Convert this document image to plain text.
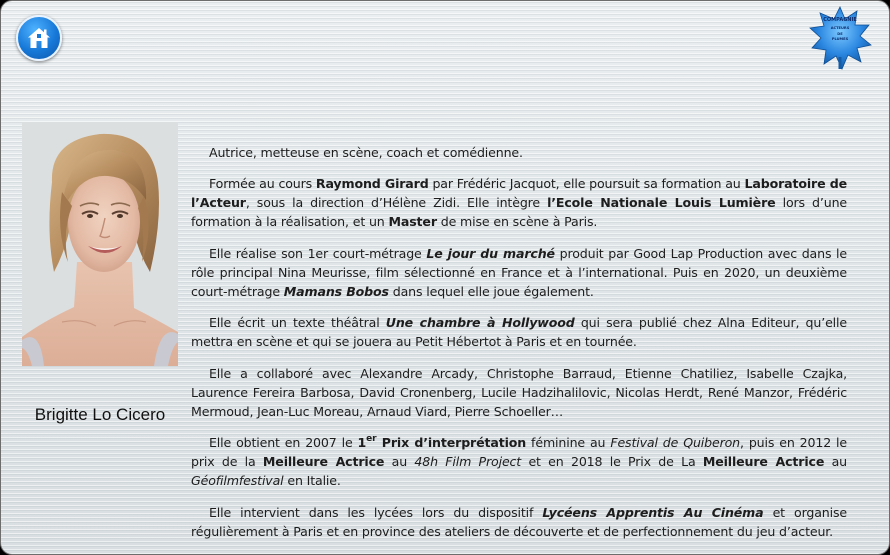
COMPAGNIE
ACTEURS
DE
PLUMES
Brigitte Lo Cicero

Autrice, metteuse en scène, coach et comédienne.

Formée au cours Raymond Girard par Frédéric Jacquot, elle poursuit sa formation au Laboratoire de l’Acteur, sous la direction d’Hélène Zidi. Elle intègre l’Ecole Nationale Louis Lumière lors d’une formation à la réalisation, et un Master de mise en scène à Paris.

Elle réalise son 1er court-métrage Le jour du marché produit par Good Lap Production avec dans le rôle principal Nina Meurisse, film sélectionné en France et à l’international. Puis en 2020, un deuxième court-métrage Mamans Bobos dans lequel elle joue également.

Elle écrit un texte théâtral Une chambre à Hollywood qui sera publié chez Alna Editeur, qu’elle mettra en scène et qui se jouera au Petit Hébertot à Paris et en tournée.

Elle a collaboré avec Alexandre Arcady, Christophe Barraud, Etienne Chatiliez, Isabelle Czajka, Laurence Fereira Barbosa, David Cronenberg, Lucile Hadzihalilovic, Nicolas Herdt, René Manzor, Frédéric Mermoud, Jean-Luc Moreau, Arnaud Viard, Pierre Schoeller…

Elle obtient en 2007 le 1er Prix d’interprétation féminine au Festival de Quiberon, puis en 2012 le prix de la Meilleure Actrice au 48h Film Project et en 2018 le Prix de La Meilleure Actrice au Géofilmfestival en Italie.

Elle intervient dans les lycées lors du dispositif Lycéens Apprentis Au Cinéma et organise régulièrement à Paris et en province des ateliers de découverte et de perfectionnement du jeu d’acteur.
